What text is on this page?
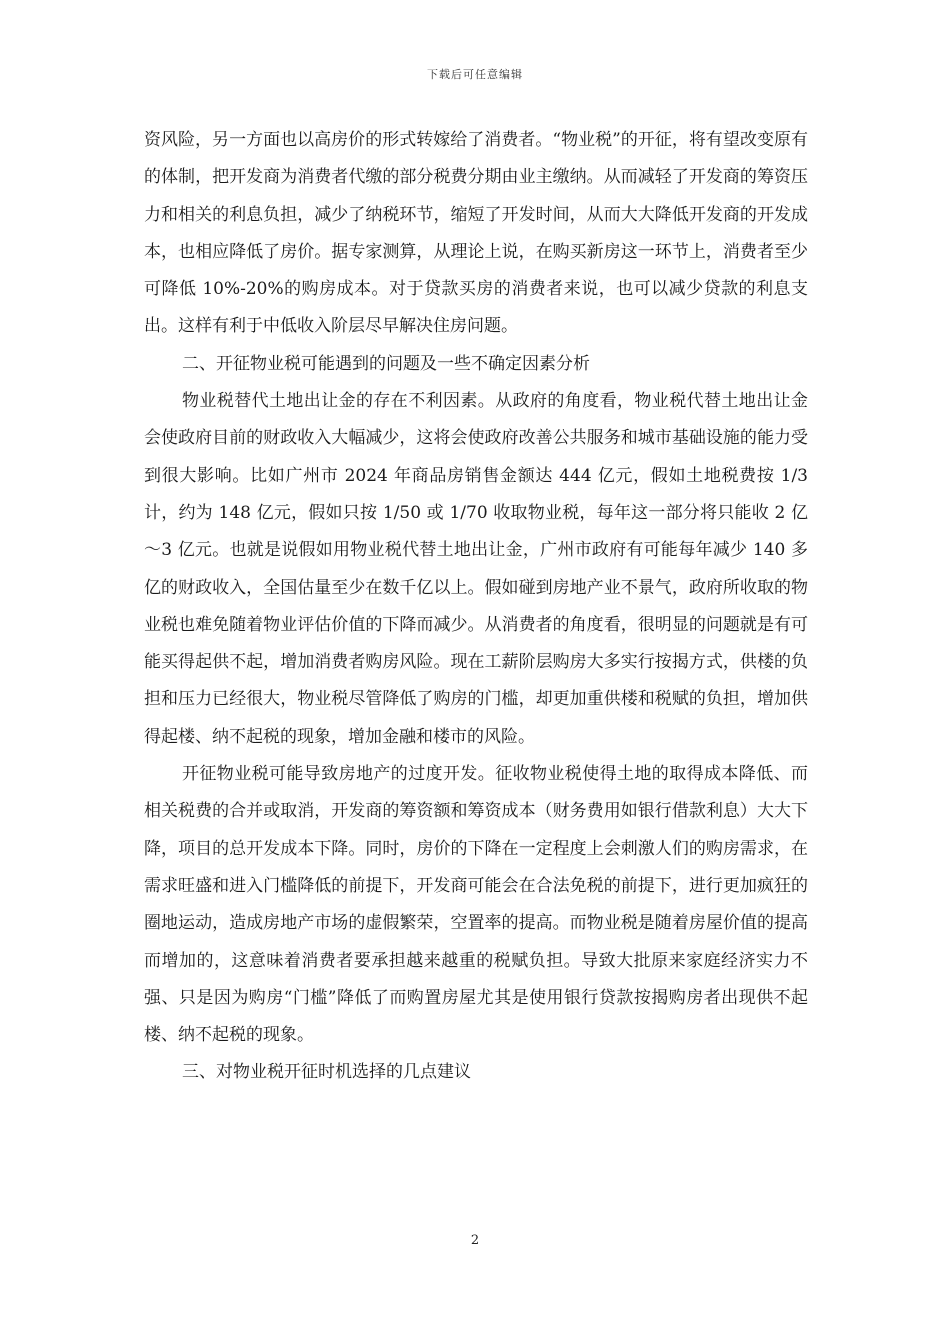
下载后可任意编辑

资风险，另一方面也以高房价的形式转嫁给了消费者。“物业税”的开征，将有望改变原有的体制，把开发商为消费者代缴的部分税费分期由业主缴纳。从而减轻了开发商的筹资压力和相关的利息负担，减少了纳税环节，缩短了开发时间，从而大大降低开发商的开发成本，也相应降低了房价。据专家测算，从理论上说，在购买新房这一环节上，消费者至少可降低 10%-20%的购房成本。对于贷款买房的消费者来说，也可以减少贷款的利息支出。这样有利于中低收入阶层尽早解决住房问题。

二、开征物业税可能遇到的问题及一些不确定因素分析

物业税替代土地出让金的存在不利因素。从政府的角度看，物业税代替土地出让金会使政府目前的财政收入大幅减少，这将会使政府改善公共服务和城市基础设施的能力受到很大影响。比如广州市 2024 年商品房销售金额达 444 亿元，假如土地税费按 1/3 计，约为 148 亿元，假如只按 1/50 或 1/70 收取物业税，每年这一部分将只能收 2 亿～3 亿元。也就是说假如用物业税代替土地出让金，广州市政府有可能每年减少 140 多亿的财政收入，全国估量至少在数千亿以上。假如碰到房地产业不景气，政府所收取的物业税也难免随着物业评估价值的下降而减少。从消费者的角度看，很明显的问题就是有可能买得起供不起，增加消费者购房风险。现在工薪阶层购房大多实行按揭方式，供楼的负担和压力已经很大，物业税尽管降低了购房的门槛，却更加重供楼和税赋的负担，增加供得起楼、纳不起税的现象，增加金融和楼市的风险。

开征物业税可能导致房地产的过度开发。征收物业税使得土地的取得成本降低、而相关税费的合并或取消，开发商的筹资额和筹资成本（财务费用如银行借款利息）大大下降，项目的总开发成本下降。同时，房价的下降在一定程度上会刺激人们的购房需求，在需求旺盛和进入门槛降低的前提下，开发商可能会在合法免税的前提下，进行更加疯狂的圈地运动，造成房地产市场的虚假繁荣，空置率的提高。而物业税是随着房屋价值的提高而增加的，这意味着消费者要承担越来越重的税赋负担。导致大批原来家庭经济实力不强、只是因为购房“门槛”降低了而购置房屋尤其是使用银行贷款按揭购房者出现供不起楼、纳不起税的现象。

三、对物业税开征时机选择的几点建议

2
